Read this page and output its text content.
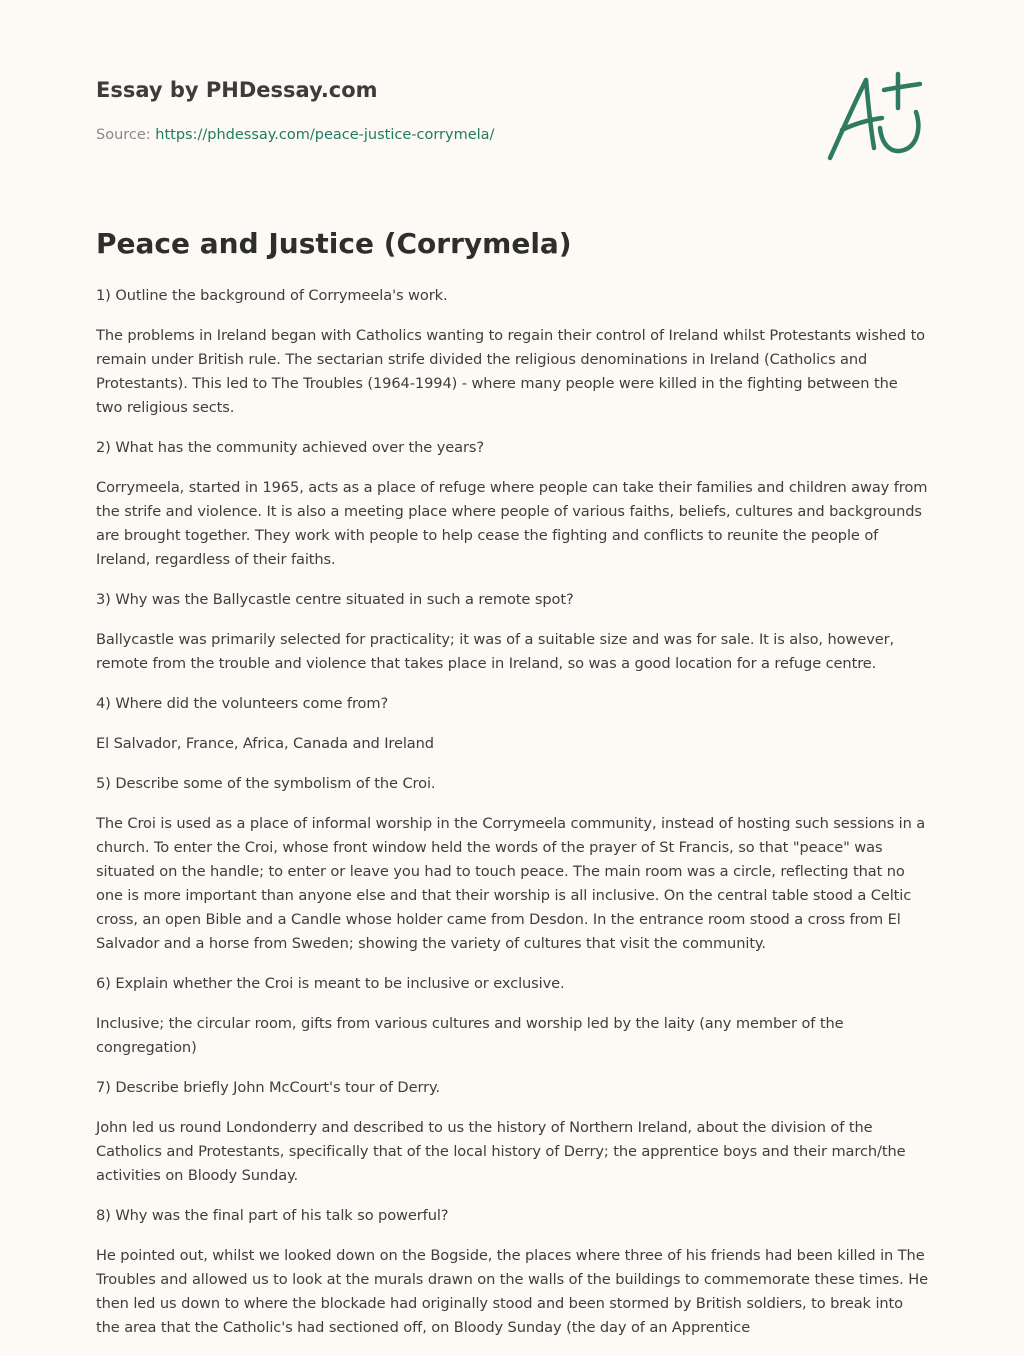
Essay by PHDessay.com
Source: https://phdessay.com/peace-justice-corrymela/
Peace and Justice (Corrymela)

1) Outline the background of Corrymeela's work.

The problems in Ireland began with Catholics wanting to regain their control of Ireland whilst Protestants wished to remain under British rule. The sectarian strife divided the religious denominations in Ireland (Catholics and Protestants). This led to The Troubles (1964-1994) - where many people were killed in the fighting between the two religious sects.

2) What has the community achieved over the years?

Corrymeela, started in 1965, acts as a place of refuge where people can take their families and children away from the strife and violence. It is also a meeting place where people of various faiths, beliefs, cultures and backgrounds are brought together. They work with people to help cease the fighting and conflicts to reunite the people of Ireland, regardless of their faiths.

3) Why was the Ballycastle centre situated in such a remote spot?

Ballycastle was primarily selected for practicality; it was of a suitable size and was for sale. It is also, however, remote from the trouble and violence that takes place in Ireland, so was a good location for a refuge centre.

4) Where did the volunteers come from?

El Salvador, France, Africa, Canada and Ireland

5) Describe some of the symbolism of the Croi.

The Croi is used as a place of informal worship in the Corrymeela community, instead of hosting such sessions in a church. To enter the Croi, whose front window held the words of the prayer of St Francis, so that "peace" was situated on the handle; to enter or leave you had to touch peace. The main room was a circle, reflecting that no one is more important than anyone else and that their worship is all inclusive. On the central table stood a Celtic cross, an open Bible and a Candle whose holder came from Desdon. In the entrance room stood a cross from El Salvador and a horse from Sweden; showing the variety of cultures that visit the community.

6) Explain whether the Croi is meant to be inclusive or exclusive.

Inclusive; the circular room, gifts from various cultures and worship led by the laity (any member of the congregation)

7) Describe briefly John McCourt's tour of Derry.

John led us round Londonderry and described to us the history of Northern Ireland, about the division of the Catholics and Protestants, specifically that of the local history of Derry; the apprentice boys and their march/the activities on Bloody Sunday.

8) Why was the final part of his talk so powerful?

He pointed out, whilst we looked down on the Bogside, the places where three of his friends had been killed in The Troubles and allowed us to look at the murals drawn on the walls of the buildings to commemorate these times. He then led us down to where the blockade had originally stood and been stormed by British soldiers, to break into the area that the Catholic's had sectioned off, on Bloody Sunday (the day of an Apprentice
